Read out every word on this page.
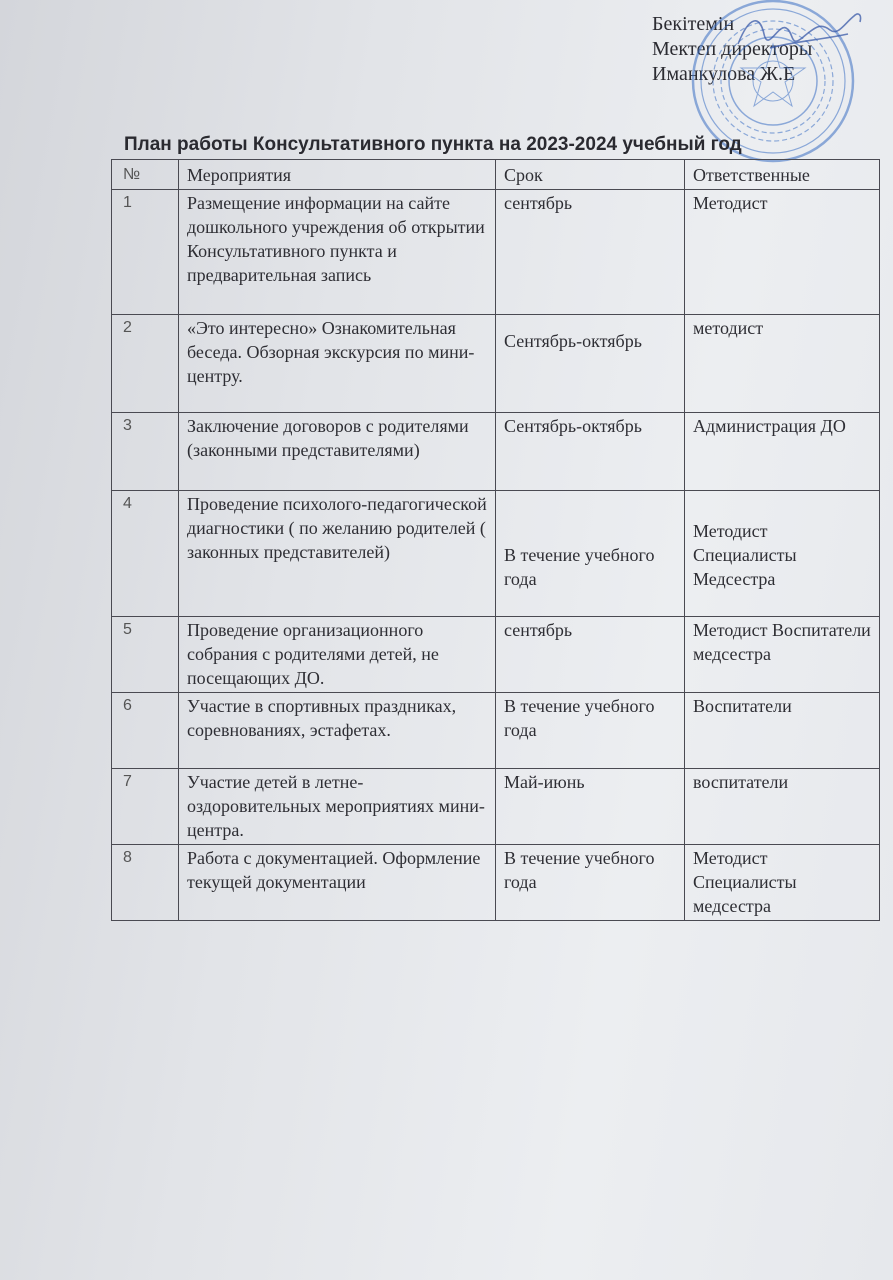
Бекітемін
Мектеп директоры
Иманкулова Ж.Е
План работы Консультативного пункта на 2023-2024 учебный год
№	Мероприятия	Срок	Ответственные
1	Размещение информации на сайте дошкольного учреждения об открытии Консультативного пункта и предварительная запись	сентябрь	Методист
2	«Это интересно» Ознакомительная беседа. Обзорная экскурсия по мини-центру.	Сентябрь-октябрь	методист
3	Заключение договоров с родителями (законными представителями)	Сентябрь-октябрь	Администрация ДО
4	Проведение психолого-педагогической диагностики ( по желанию родителей ( законных представителей)	В течение учебного года	Методист Специалисты Медсестра
5	Проведение организационного собрания с родителями детей, не посещающих ДО.	сентябрь	Методист Воспитатели медсестра
6	Участие в спортивных праздниках, соревнованиях, эстафетах.	В течение учебного года	Воспитатели
7	Участие детей в летне-оздоровительных мероприятиях мини-центра.	Май-июнь	воспитатели
8	Работа с документацией. Оформление текущей документации	В течение учебного года	Методист Специалисты медсестра
